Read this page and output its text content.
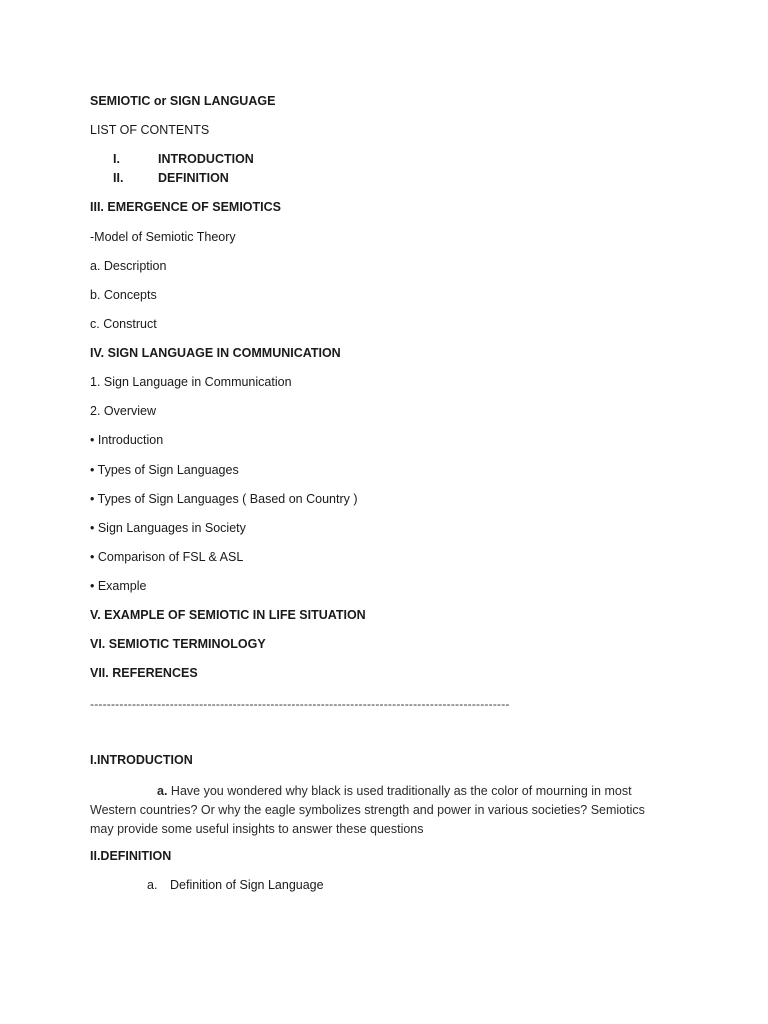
SEMIOTIC or SIGN LANGUAGE
LIST OF CONTENTS
I.	INTRODUCTION
II.	DEFINITION
III. EMERGENCE OF SEMIOTICS
-Model of Semiotic Theory
a. Description
b. Concepts
c. Construct
IV. SIGN LANGUAGE IN COMMUNICATION
1. Sign Language in Communication
2. Overview
• Introduction
• Types of Sign Languages
• Types of Sign Languages ( Based on Country )
• Sign Languages in Society
• Comparison of FSL & ASL
• Example
V. EXAMPLE OF SEMIOTIC IN LIFE SITUATION
VI. SEMIOTIC TERMINOLOGY
VII. REFERENCES
----------------------------------------------------------------------------------------------------
I.INTRODUCTION
a. Have you wondered why black is used traditionally as the color of mourning in most Western countries? Or why the eagle symbolizes strength and power in various societies? Semiotics may provide some useful insights to answer these questions
II.DEFINITION
a. Definition of Sign Language
